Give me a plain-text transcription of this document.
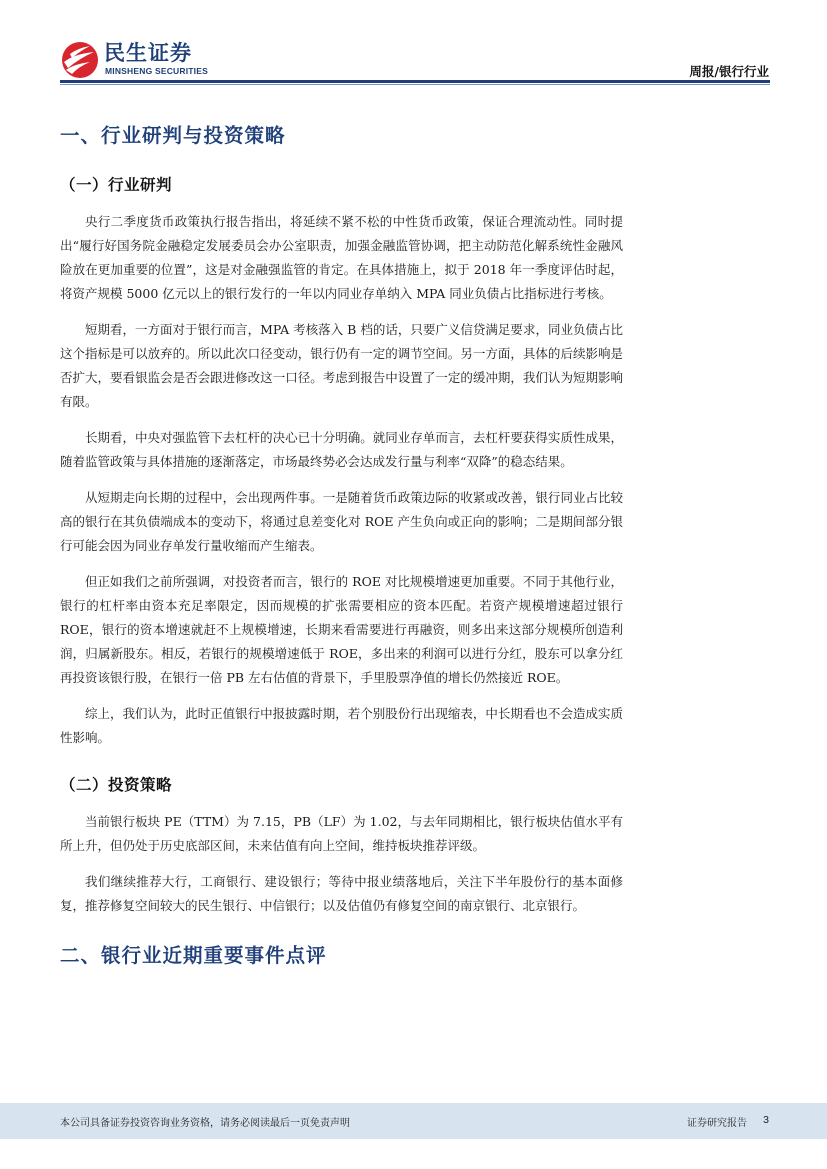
民生证券
MINSHENG SECURITIES	周报/银行行业
一、行业研判与投资策略
（一）行业研判

央行二季度货币政策执行报告指出，将延续不紧不松的中性货币政策，保证合理流动性。同时提出“履行好国务院金融稳定发展委员会办公室职责，加强金融监管协调，把主动防范化解系统性金融风险放在更加重要的位置”，这是对金融强监管的肯定。在具体措施上，拟于 2018 年一季度评估时起，将资产规模 5000 亿元以上的银行发行的一年以内同业存单纳入 MPA 同业负债占比指标进行考核。

短期看，一方面对于银行而言，MPA 考核落入 B 档的话，只要广义信贷满足要求，同业负债占比这个指标是可以放弃的。所以此次口径变动，银行仍有一定的调节空间。另一方面，具体的后续影响是否扩大，要看银监会是否会跟进修改这一口径。考虑到报告中设置了一定的缓冲期，我们认为短期影响有限。

长期看，中央对强监管下去杠杆的决心已十分明确。就同业存单而言，去杠杆要获得实质性成果，随着监管政策与具体措施的逐渐落定，市场最终势必会达成发行量与利率“双降”的稳态结果。

从短期走向长期的过程中，会出现两件事。一是随着货币政策边际的收紧或改善，银行同业占比较高的银行在其负债端成本的变动下，将通过息差变化对 ROE 产生负向或正向的影响；二是期间部分银行可能会因为同业存单发行量收缩而产生缩表。

但正如我们之前所强调，对投资者而言，银行的 ROE 对比规模增速更加重要。不同于其他行业，银行的杠杆率由资本充足率限定，因而规模的扩张需要相应的资本匹配。若资产规模增速超过银行 ROE，银行的资本增速就赶不上规模增速，长期来看需要进行再融资，则多出来这部分规模所创造利润，归属新股东。相反，若银行的规模增速低于 ROE，多出来的利润可以进行分红，股东可以拿分红再投资该银行股，在银行一倍 PB 左右估值的背景下，手里股票净值的增长仍然接近 ROE。

综上，我们认为，此时正值银行中报披露时期，若个别股份行出现缩表，中长期看也不会造成实质性影响。

（二）投资策略

当前银行板块 PE（TTM）为 7.15，PB（LF）为 1.02，与去年同期相比，银行板块估值水平有所上升，但仍处于历史底部区间，未来估值有向上空间，维持板块推荐评级。

我们继续推荐大行，工商银行、建设银行；等待中报业绩落地后，关注下半年股份行的基本面修复，推荐修复空间较大的民生银行、中信银行；以及估值仍有修复空间的南京银行、北京银行。

二、银行业近期重要事件点评
本公司具备证券投资咨询业务资格，请务必阅读最后一页免责声明	证券研究报告 3
